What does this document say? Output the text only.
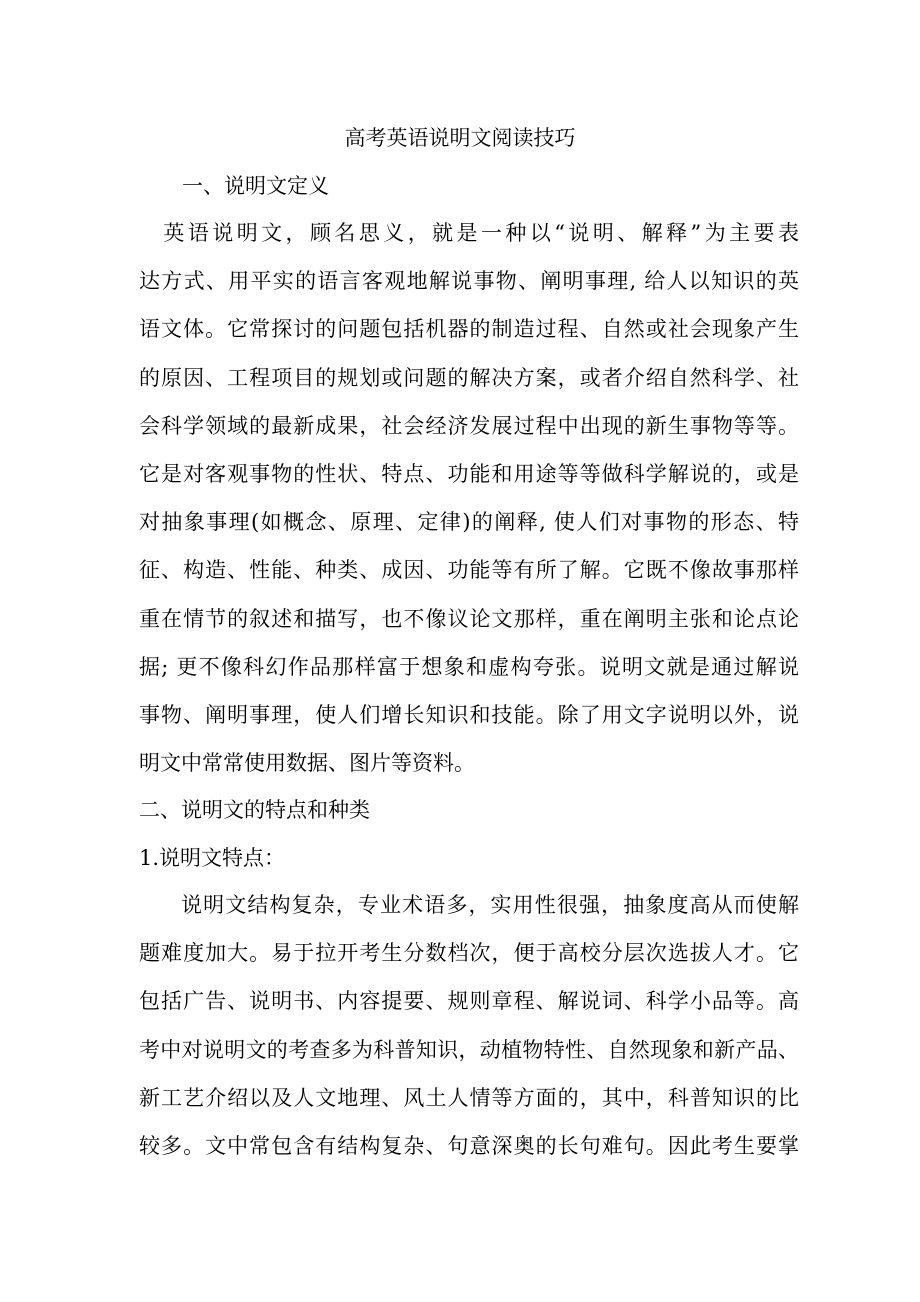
高考英语说明文阅读技巧
一、说明文定义
　英语说明文，顾名思义，就是一种以“说明、解释”为主要表
达方式、用平实的语言客观地解说事物、阐明事理, 给人以知识的英
语文体。它常探讨的问题包括机器的制造过程、自然或社会现象产生
的原因、工程项目的规划或问题的解决方案，或者介绍自然科学、社
会科学领域的最新成果，社会经济发展过程中出现的新生事物等等。
它是对客观事物的性状、特点、功能和用途等等做科学解说的，或是
对抽象事理(如概念、原理、定律)的阐释, 使人们对事物的形态、特
征、构造、性能、种类、成因、功能等有所了解。它既不像故事那样
重在情节的叙述和描写，也不像议论文那样，重在阐明主张和论点论
据; 更不像科幻作品那样富于想象和虚构夸张。说明文就是通过解说
事物、阐明事理，使人们增长知识和技能。除了用文字说明以外，说
明文中常常使用数据、图片等资料。
二、说明文的特点和种类
1.说明文特点：
说明文结构复杂，专业术语多，实用性很强，抽象度高从而使解
题难度加大。易于拉开考生分数档次，便于高校分层次选拔人才。它
包括广告、说明书、内容提要、规则章程、解说词、科学小品等。高
考中对说明文的考查多为科普知识，动植物特性、自然现象和新产品、
新工艺介绍以及人文地理、风土人情等方面的，其中，科普知识的比
较多。文中常包含有结构复杂、句意深奥的长句难句。因此考生要掌
